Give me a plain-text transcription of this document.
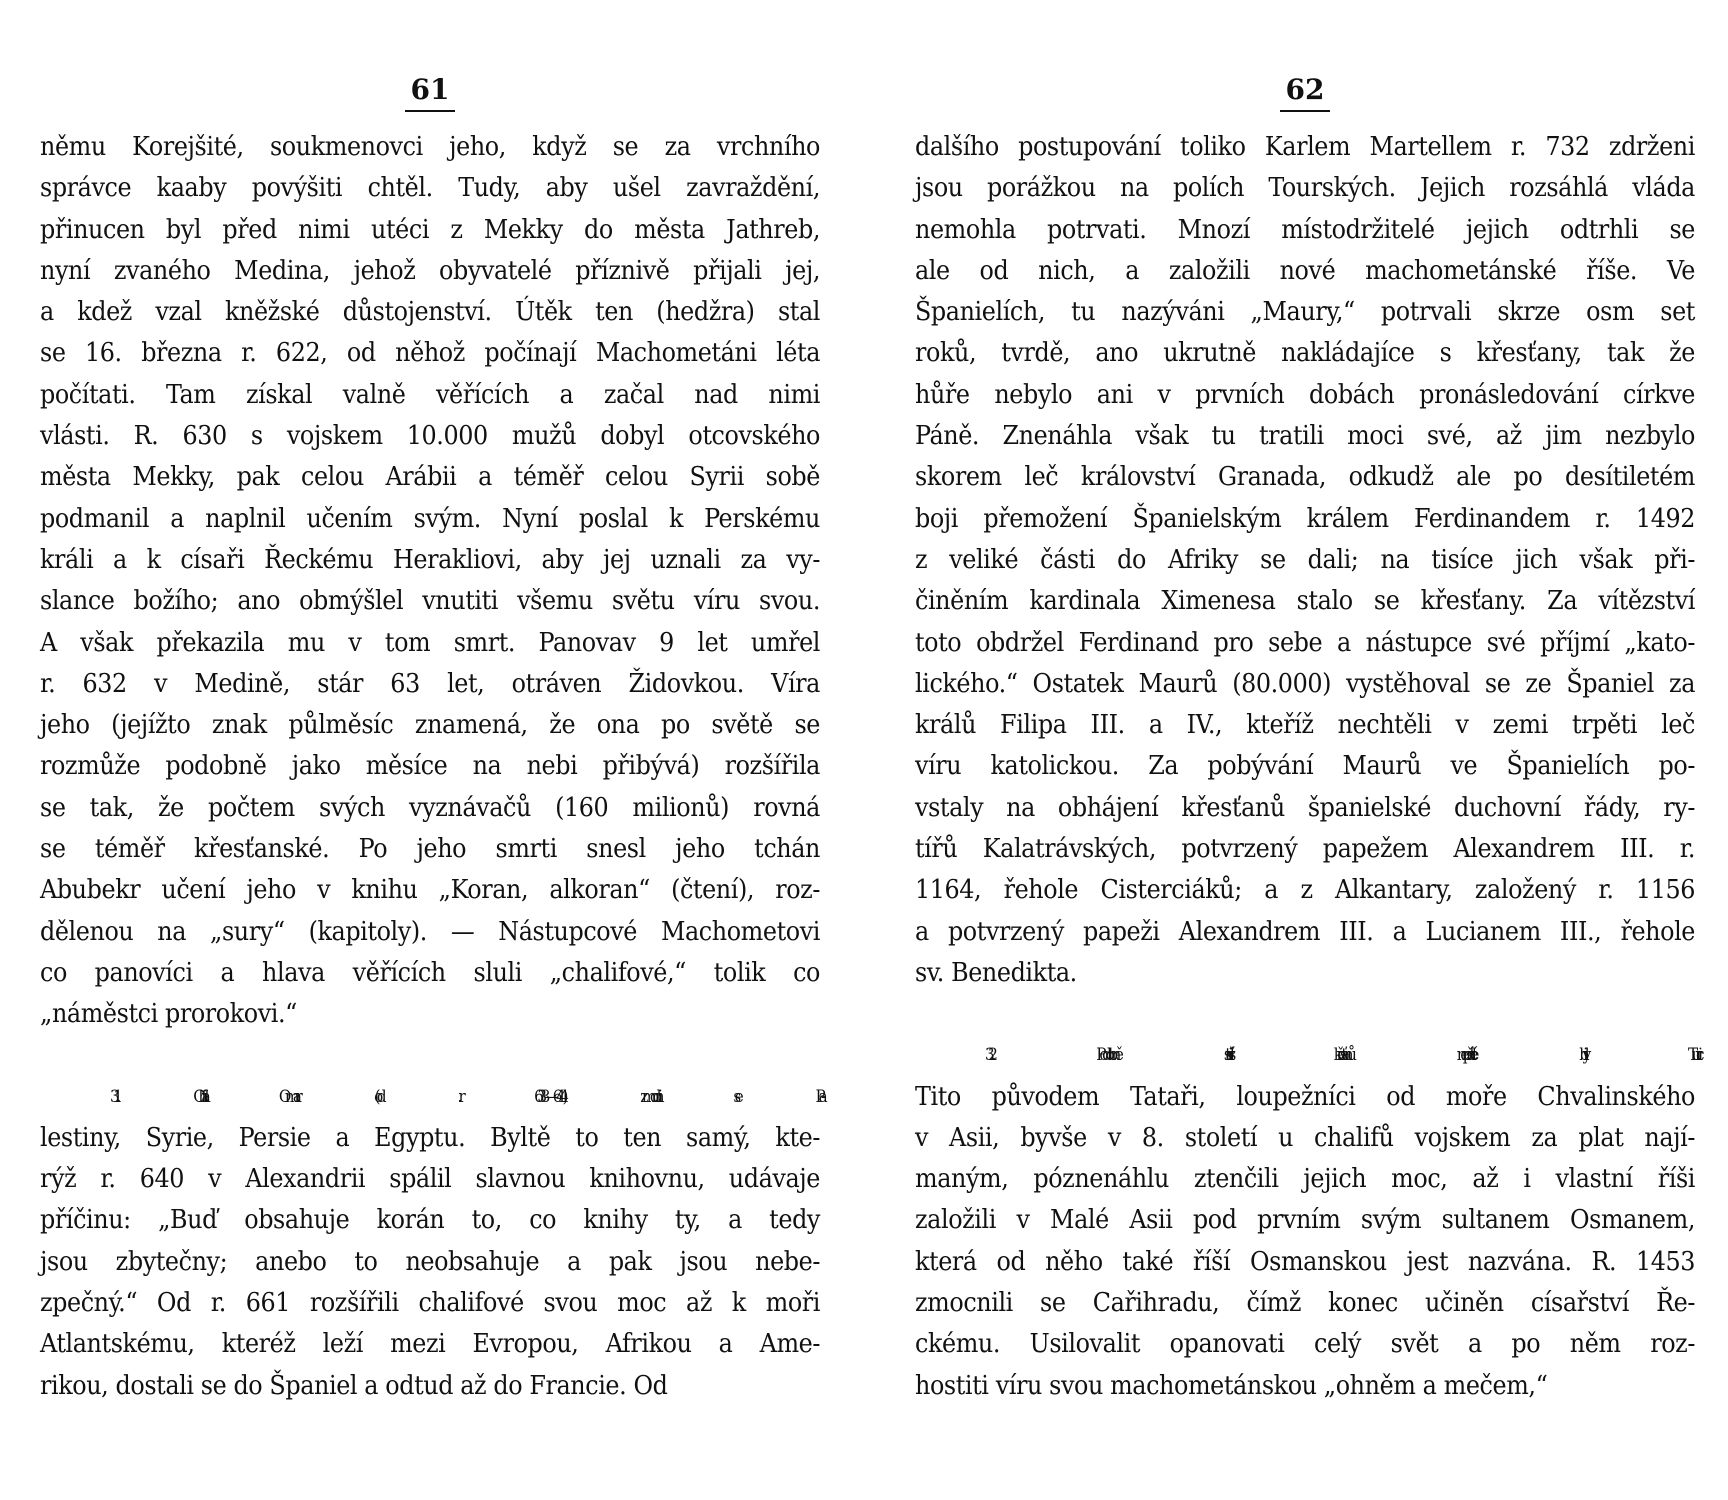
61
němu Korejšité, soukmenovci jeho, když se za vrchního
správce kaaby povýšiti chtěl. Tudy, aby ušel zavraždění,
přinucen byl před nimi utéci z Mekky do města Jathreb,
nyní zvaného Medina, jehož obyvatelé příznivě přijali jej,
a kdež vzal kněžské důstojenství. Útěk ten (hedžra) stal
se 16. března r. 622, od něhož počínají Machometáni léta
počítati. Tam získal valně věřících a začal nad nimi
vlásti. R. 630 s vojskem 10.000 mužů dobyl otcovského
města Mekky, pak celou Arábii a téměř celou Syrii sobě
podmanil a naplnil učením svým. Nyní poslal k Perskému
králi a k císaři Řeckému Herakliovi, aby jej uznali za vy-
slance božího; ano obmýšlel vnutiti všemu světu víru svou.
A však překazila mu v tom smrt. Panovav 9 let umřel
r. 632 v Medině, stár 63 let, otráven Židovkou. Víra
jeho (jejížto znak půlměsíc znamená, že ona po světě se
rozmůže podobně jako měsíce na nebi přibývá) rozšířila
se tak, že počtem svých vyznávačů (160 milionů) rovná
se téměř křesťanské. Po jeho smrti snesl jeho tchán
Abubekr učení jeho v knihu „Koran, alkoran“ (čtení), roz-
dělenou na „sury“ (kapitoly). — Nástupcové Machometovi
co panovíci a hlava věřících sluli „chalifové,“ tolik co
„náměstci prorokovi.“
31. Chalif Omar (od r. 638—644) zmocnil se Pa-
lestiny, Syrie, Persie a Egyptu. Byltě to ten samý, kte-
rýž r. 640 v Alexandrii spálil slavnou knihovnu, udávaje
příčinu: „Buď obsahuje korán to, co knihy ty, a tedy
jsou zbytečny; anebo to neobsahuje a pak jsou nebe-
zpečný.“ Od r. 661 rozšířili chalifové svou moc až k moři
Atlantskému, kteréž leží mezi Evropou, Afrikou a Ame-
rikou, dostali se do Španiel a odtud až do Francie. Od
62
dalšího postupování toliko Karlem Martellem r. 732 zdrženi
jsou porážkou na polích Tourských. Jejich rozsáhlá vláda
nemohla potrvati. Mnozí místodržitelé jejich odtrhli se
ale od nich, a založili nové machometánské říše. Ve
Španielích, tu nazýváni „Maury,“ potrvali skrze osm set
roků, tvrdě, ano ukrutně nakládajíce s křesťany, tak že
hůře nebylo ani v prvních dobách pronásledování církve
Páně. Znenáhla však tu tratili moci své, až jim nezbylo
skorem leč království Granada, odkudž ale po desítiletém
boji přemožení Španielským králem Ferdinandem r. 1492
z veliké části do Afriky se dali; na tisíce jich však při-
činěním kardinala Ximenesa stalo se křesťany. Za vítězství
toto obdržel Ferdinand pro sebe a nástupce své příjmí „kato-
lického.“ Ostatek Maurů (80.000) vystěhoval se ze Španiel za
králů Filipa III. a IV., kteříž nechtěli v zemi trpěti leč
víru katolickou. Za pobývání Maurů ve Španielích po-
vstaly na obhájení křesťanů španielské duchovní řády, ry-
tířů Kalatrávských, potvrzený papežem Alexandrem III. r.
1164, řehole Cisterciáků; a z Alkantary, založený r. 1156
a potvrzený papeži Alexandrem III. a Lucianem III., řehole
sv. Benedikta.
32. Podobně strašliví křesťanů nepřátelé byli Turci.
Tito původem Tataři, loupežníci od moře Chvalinského
v Asii, byvše v 8. století u chalifů vojskem za plat nají-
maným, póznenáhlu ztenčili jejich moc, až i vlastní říši
založili v Malé Asii pod prvním svým sultanem Osmanem,
která od něho také říší Osmanskou jest nazvána. R. 1453
zmocnili se Cařihradu, čímž konec učiněn císařství Ře-
ckému. Usilovalit opanovati celý svět a po něm roz-
hostiti víru svou machometánskou „ohněm a mečem,“
